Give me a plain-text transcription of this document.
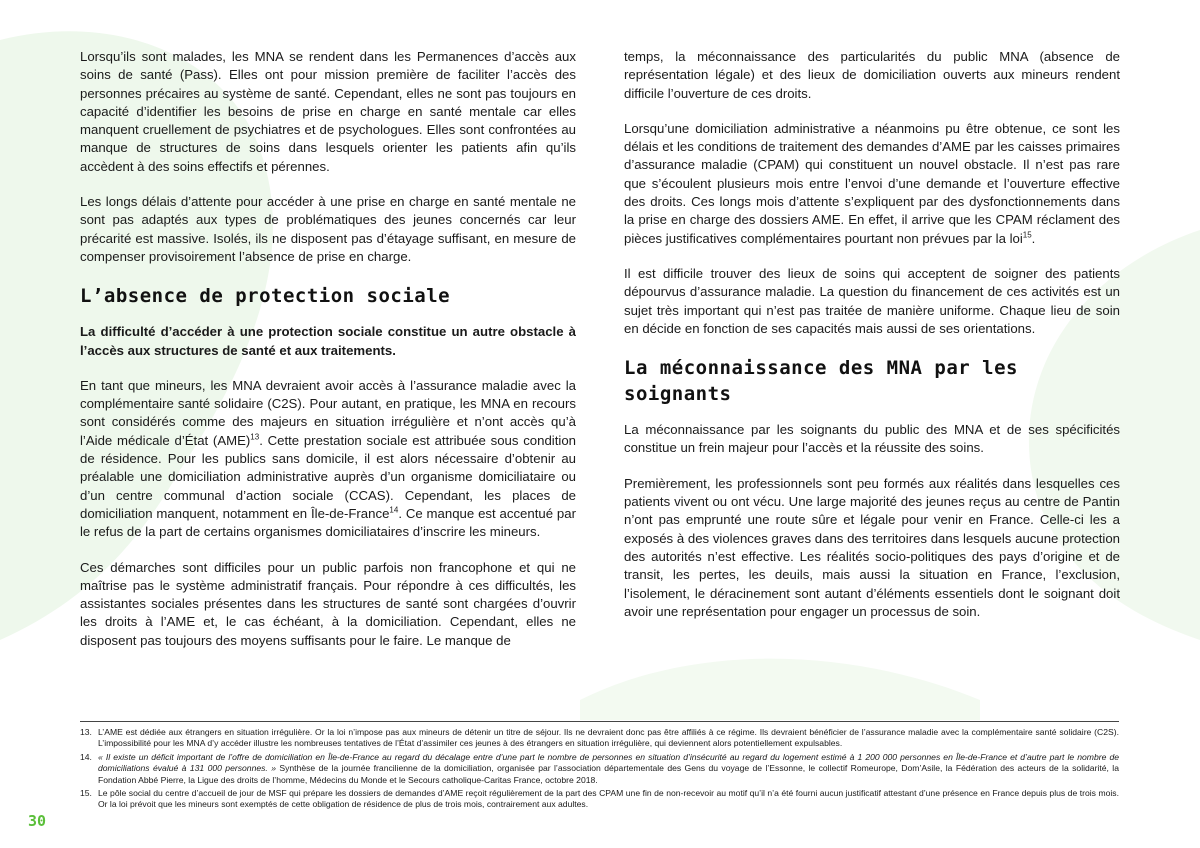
Lorsqu’ils sont malades, les MNA se rendent dans les Permanences d’accès aux soins de santé (Pass). Elles ont pour mission première de faciliter l’accès des personnes précaires au système de santé. Cependant, elles ne sont pas toujours en capacité d’identifier les besoins de prise en charge en santé mentale car elles manquent cruellement de psychiatres et de psychologues. Elles sont confrontées au manque de structures de soins dans lesquels orienter les patients afin qu’ils accèdent à des soins effectifs et pérennes.

Les longs délais d’attente pour accéder à une prise en charge en santé mentale ne sont pas adaptés aux types de problématiques des jeunes concernés car leur précarité est massive. Isolés, ils ne disposent pas d’étayage suffisant, en mesure de compenser provisoirement l’absence de prise en charge.

L’absence de protection sociale

La difficulté d’accéder à une protection sociale constitue un autre obstacle à l’accès aux structures de santé et aux traitements.

En tant que mineurs, les MNA devraient avoir accès à l’assurance maladie avec la complémentaire santé solidaire (C2S). Pour autant, en pratique, les MNA en recours sont considérés comme des majeurs en situation irrégulière et n’ont accès qu’à l’Aide médicale d’État (AME)$^{13}$. Cette prestation sociale est attribuée sous condition de résidence. Pour les publics sans domicile, il est alors nécessaire d’obtenir au préalable une domiciliation administrative auprès d’un organisme domiciliataire ou d’un centre communal d’action sociale (CCAS). Cependant, les places de domiciliation manquent, notamment en Île-de-France$^{14}$. Ce manque est accentué par le refus de la part de certains organismes domiciliataires d’inscrire les mineurs.

Ces démarches sont difficiles pour un public parfois non francophone et qui ne maîtrise pas le système administratif français. Pour répondre à ces difficultés, les assistantes sociales présentes dans les structures de santé sont chargées d’ouvrir les droits à l’AME et, le cas échéant, à la domiciliation. Cependant, elles ne disposent pas toujours des moyens suffisants pour le faire. Le manque de

temps, la méconnaissance des particularités du public MNA (absence de représentation légale) et des lieux de domiciliation ouverts aux mineurs rendent difficile l’ouverture de ces droits.

Lorsqu’une domiciliation administrative a néanmoins pu être obtenue, ce sont les délais et les conditions de traitement des demandes d’AME par les caisses primaires d’assurance maladie (CPAM) qui constituent un nouvel obstacle. Il n’est pas rare que s’écoulent plusieurs mois entre l’envoi d’une demande et l’ouverture effective des droits. Ces longs mois d’attente s’expliquent par des dysfonctionnements dans la prise en charge des dossiers AME. En effet, il arrive que les CPAM réclament des pièces justificatives complémentaires pourtant non prévues par la loi$^{15}$.

Il est difficile trouver des lieux de soins qui acceptent de soigner des patients dépourvus d’assurance maladie. La question du financement de ces activités est un sujet très important qui n’est pas traitée de manière uniforme. Chaque lieu de soin en décide en fonction de ses capacités mais aussi de ses orientations.

La méconnaissance des MNA par les soignants

La méconnaissance par les soignants du public des MNA et de ses spécificités constitue un frein majeur pour l’accès et la réussite des soins.

Premièrement, les professionnels sont peu formés aux réalités dans lesquelles ces patients vivent ou ont vécu. Une large majorité des jeunes reçus au centre de Pantin n’ont pas emprunté une route sûre et légale pour venir en France. Celle-ci les a exposés à des violences graves dans des territoires dans lesquels aucune protection des autorités n’est effective. Les réalités socio-politiques des pays d’origine et de transit, les pertes, les deuils, mais aussi la situation en France, l’exclusion, l’isolement, le déracinement sont autant d’éléments essentiels dont le soignant doit avoir une représentation pour engager un processus de soin.

13. L’AME est dédiée aux étrangers en situation irrégulière. Or la loi n’impose pas aux mineurs de détenir un titre de séjour. Ils ne devraient donc pas être affiliés à ce régime. Ils devraient bénéficier de l’assurance maladie avec la complémentaire santé solidaire (C2S). L’impossibilité pour les MNA d’y accéder illustre les nombreuses tentatives de l’État d’assimiler ces jeunes à des étrangers en situation irrégulière, qui deviennent alors potentiellement expulsables.
14. « Il existe un déficit important de l’offre de domiciliation en Île-de-France au regard du décalage entre d’une part le nombre de personnes en situation d’insécurité au regard du logement estimé à 1 200 000 personnes en Île-de-France et d’autre part le nombre de domiciliations évalué à 131 000 personnes. » Synthèse de la journée francilienne de la domiciliation, organisée par l’association départementale des Gens du voyage de l’Essonne, le collectif Romeurope, Dom’Asile, la Fédération des acteurs de la solidarité, la Fondation Abbé Pierre, la Ligue des droits de l’homme, Médecins du Monde et le Secours catholique-Caritas France, octobre 2018.
15. Le pôle social du centre d’accueil de jour de MSF qui prépare les dossiers de demandes d’AME reçoit régulièrement de la part des CPAM une fin de non-recevoir au motif qu’il n’a été fourni aucun justificatif attestant d’une présence en France depuis plus de trois mois. Or la loi prévoit que les mineurs sont exemptés de cette obligation de résidence de plus de trois mois, contrairement aux adultes.
30
